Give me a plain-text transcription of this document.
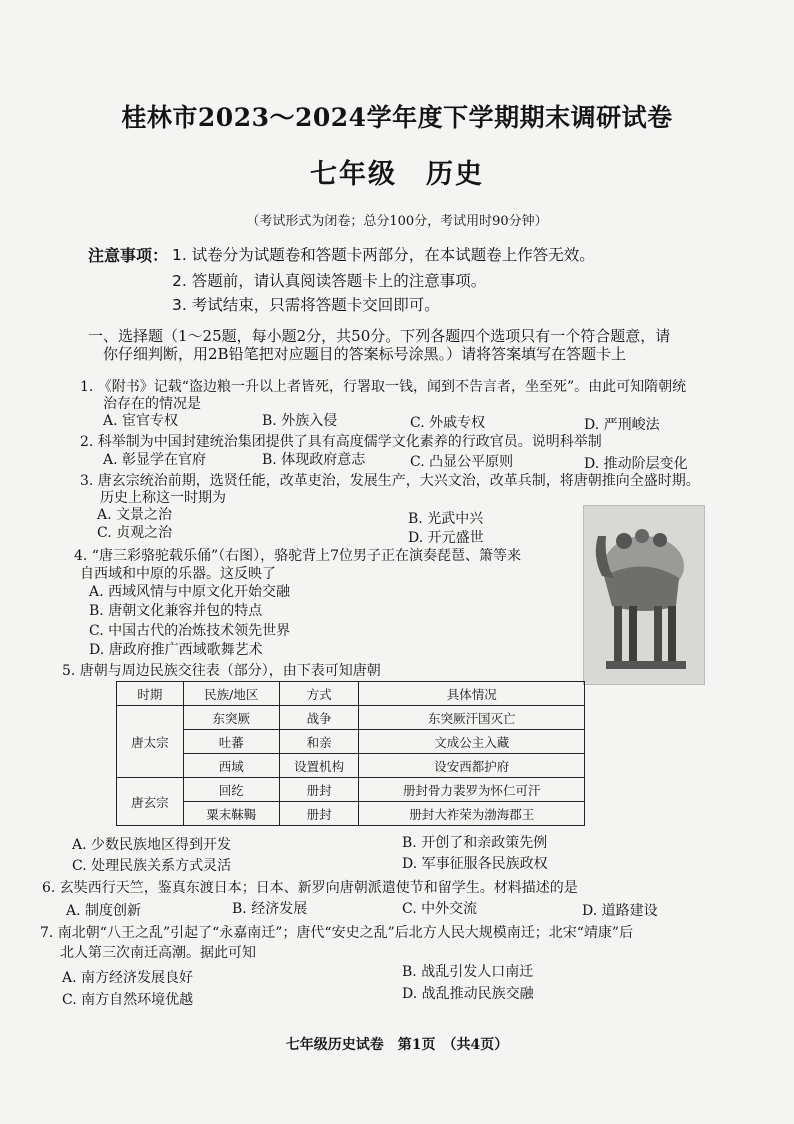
桂林市2023～2024学年度下学期期末调研试卷
七年级　历史
（考试形式为闭卷；总分100分，考试用时90分钟）
注意事项： 1. 试卷分为试题卷和答题卡两部分，在本试题卷上作答无效。
2. 答题前，请认真阅读答题卡上的注意事项。
3. 考试结束，只需将答题卡交回即可。
一、选择题（1～25题，每小题2分，共50分。下列各题四个选项只有一个符合题意，请
你仔细判断，用2B铅笔把对应题目的答案标号涂黑。）请将答案填写在答题卡上
1. 《附书》记载“盗边粮一升以上者皆死，行署取一钱，闻到不告言者，坐至死”。由此可知隋朝统
治存在的情况是
A. 宦官专权	B. 外族入侵	C. 外戚专权	D. 严刑峻法
2. 科举制为中国封建统治集团提供了具有高度儒学文化素养的行政官员。说明科举制
A. 彰显学在官府	B. 体现政府意志	C. 凸显公平原则	D. 推动阶层变化
3. 唐玄宗统治前期，选贤任能，改革吏治，发展生产，大兴文治，改革兵制，将唐朝推向全盛时期。
历史上称这一时期为
A. 文景之治	B. 光武中兴
C. 贞观之治	D. 开元盛世
4. “唐三彩骆驼载乐俑”（右图），骆驼背上7位男子正在演奏琵琶、箫等来
自西域和中原的乐器。这反映了
A. 西域风情与中原文化开始交融
B. 唐朝文化兼容并包的特点
C. 中国古代的冶炼技术领先世界
D. 唐政府推广西域歌舞艺术
5. 唐朝与周边民族交往表（部分），由下表可知唐朝
时期	民族/地区	方式	具体情况
唐太宗	东突厥	战争	东突厥汗国灭亡
	吐蕃	和亲	文成公主入藏
	西域	设置机构	设安西都护府
唐玄宗	回纥	册封	册封骨力裴罗为怀仁可汗
	粟末靺鞨	册封	册封大祚荣为渤海郡王
A. 少数民族地区得到开发	B. 开创了和亲政策先例
C. 处理民族关系方式灵活	D. 军事征服各民族政权
6. 玄奘西行天竺，鉴真东渡日本；日本、新罗向唐朝派遣使节和留学生。材料描述的是
A. 制度创新	B. 经济发展	C. 中外交流	D. 道路建设
7. 南北朝“八王之乱”引起了“永嘉南迁”；唐代“安史之乱”后北方人民大规模南迁；北宋“靖康”后
北人第三次南迁高潮。据此可知
A. 南方经济发展良好	B. 战乱引发人口南迁
C. 南方自然环境优越	D. 战乱推动民族交融
七年级历史试卷　第1页　（共4页）
